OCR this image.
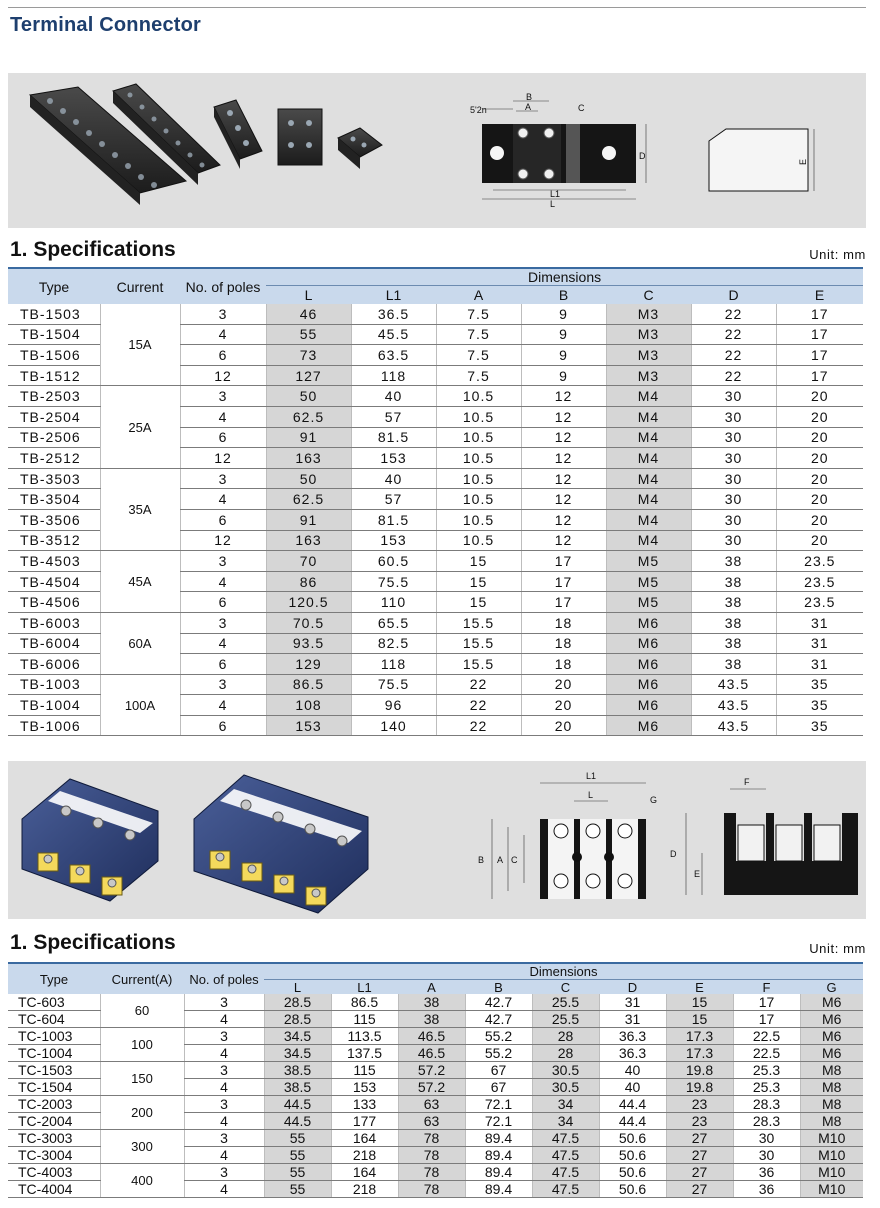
Terminal Connector
5'2n
B
A	C
D
L1
L
E
1. Specifications	Unit: mm
Type	Current	No. of poles	Dimensions						
			L	L1	A	B	C	D	E
TB-1503	15A	3	46	36.5	7.5	9	M3	22	17
TB-1504		4	55	45.5	7.5	9	M3	22	17
TB-1506		6	73	63.5	7.5	9	M3	22	17
TB-1512		12	127	118	7.5	9	M3	22	17
TB-2503	25A	3	50	40	10.5	12	M4	30	20
TB-2504		4	62.5	57	10.5	12	M4	30	20
TB-2506		6	91	81.5	10.5	12	M4	30	20
TB-2512		12	163	153	10.5	12	M4	30	20
TB-3503	35A	3	50	40	10.5	12	M4	30	20
TB-3504		4	62.5	57	10.5	12	M4	30	20
TB-3506		6	91	81.5	10.5	12	M4	30	20
TB-3512		12	163	153	10.5	12	M4	30	20
TB-4503	45A	3	70	60.5	15	17	M5	38	23.5
TB-4504		4	86	75.5	15	17	M5	38	23.5
TB-4506		6	120.5	110	15	17	M5	38	23.5
TB-6003	60A	3	70.5	65.5	15.5	18	M6	38	31
TB-6004		4	93.5	82.5	15.5	18	M6	38	31
TB-6006		6	129	118	15.5	18	M6	38	31
TB-1003	100A	3	86.5	75.5	22	20	M6	43.5	35
TB-1004		4	108	96	22	20	M6	43.5	35
TB-1006		6	153	140	22	20	M6	43.5	35
L1
L	G
B A C
F
D
E
1. Specifications	Unit: mm
Type	Current(A)	No. of poles	Dimensions								
			L	L1	A	B	C	D	E	F	G
TC-603	60	3	28.5	86.5	38	42.7	25.5	31	15	17	M6
TC-604		4	28.5	115	38	42.7	25.5	31	15	17	M6
TC-1003	100	3	34.5	113.5	46.5	55.2	28	36.3	17.3	22.5	M6
TC-1004		4	34.5	137.5	46.5	55.2	28	36.3	17.3	22.5	M6
TC-1503	150	3	38.5	115	57.2	67	30.5	40	19.8	25.3	M8
TC-1504		4	38.5	153	57.2	67	30.5	40	19.8	25.3	M8
TC-2003	200	3	44.5	133	63	72.1	34	44.4	23	28.3	M8
TC-2004		4	44.5	177	63	72.1	34	44.4	23	28.3	M8
TC-3003	300	3	55	164	78	89.4	47.5	50.6	27	30	M10
TC-3004		4	55	218	78	89.4	47.5	50.6	27	30	M10
TC-4003	400	3	55	164	78	89.4	47.5	50.6	27	36	M10
TC-4004		4	55	218	78	89.4	47.5	50.6	27	36	M10
